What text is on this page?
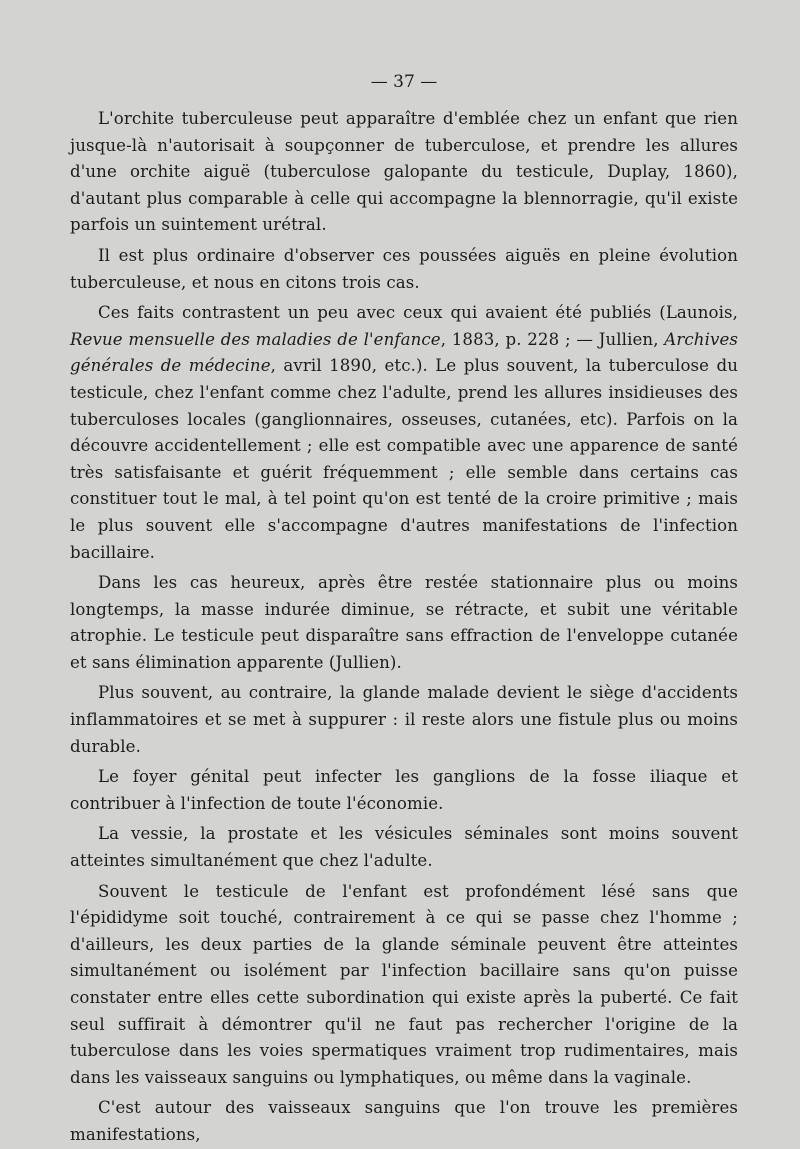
— 37 —

L'orchite tuberculeuse peut apparaître d'emblée chez un enfant que rien jusque-là n'autorisait à soupçonner de tuberculose, et prendre les allures d'une orchite aiguë (tuberculose galopante du testicule, Duplay, 1860), d'autant plus comparable à celle qui accompagne la blennorragie, qu'il existe parfois un suintement urétral.

Il est plus ordinaire d'observer ces poussées aiguës en pleine évolution tuberculeuse, et nous en citons trois cas.

Ces faits contrastent un peu avec ceux qui avaient été publiés (Launois, Revue mensuelle des maladies de l'enfance, 1883, p. 228 ; — Jullien, Archives générales de médecine, avril 1890, etc.). Le plus souvent, la tuberculose du testicule, chez l'enfant comme chez l'adulte, prend les allures insidieuses des tuberculoses locales (ganglionnaires, osseuses, cutanées, etc). Parfois on la découvre accidentellement ; elle est compatible avec une apparence de santé très satisfaisante et guérit fréquemment ; elle semble dans certains cas constituer tout le mal, à tel point qu'on est tenté de la croire primitive ; mais le plus souvent elle s'accompagne d'autres manifestations de l'infection bacillaire.

Dans les cas heureux, après être restée stationnaire plus ou moins longtemps, la masse indurée diminue, se rétracte, et subit une véritable atrophie. Le testicule peut disparaître sans effraction de l'enveloppe cutanée et sans élimination apparente (Jullien).

Plus souvent, au contraire, la glande malade devient le siège d'accidents inflammatoires et se met à suppurer : il reste alors une fistule plus ou moins durable.

Le foyer génital peut infecter les ganglions de la fosse iliaque et contribuer à l'infection de toute l'économie.

La vessie, la prostate et les vésicules séminales sont moins souvent atteintes simultanément que chez l'adulte.

Souvent le testicule de l'enfant est profondément lésé sans que l'épididyme soit touché, contrairement à ce qui se passe chez l'homme ; d'ailleurs, les deux parties de la glande séminale peuvent être atteintes simultanément ou isolément par l'infection bacillaire sans qu'on puisse constater entre elles cette subordination qui existe après la puberté. Ce fait seul suffirait à démontrer qu'il ne faut pas rechercher l'origine de la tuberculose dans les voies spermatiques vraiment trop rudimentaires, mais dans les vaisseaux sanguins ou lymphatiques, ou même dans la vaginale.

C'est autour des vaisseaux sanguins que l'on trouve les premières manifestations,
